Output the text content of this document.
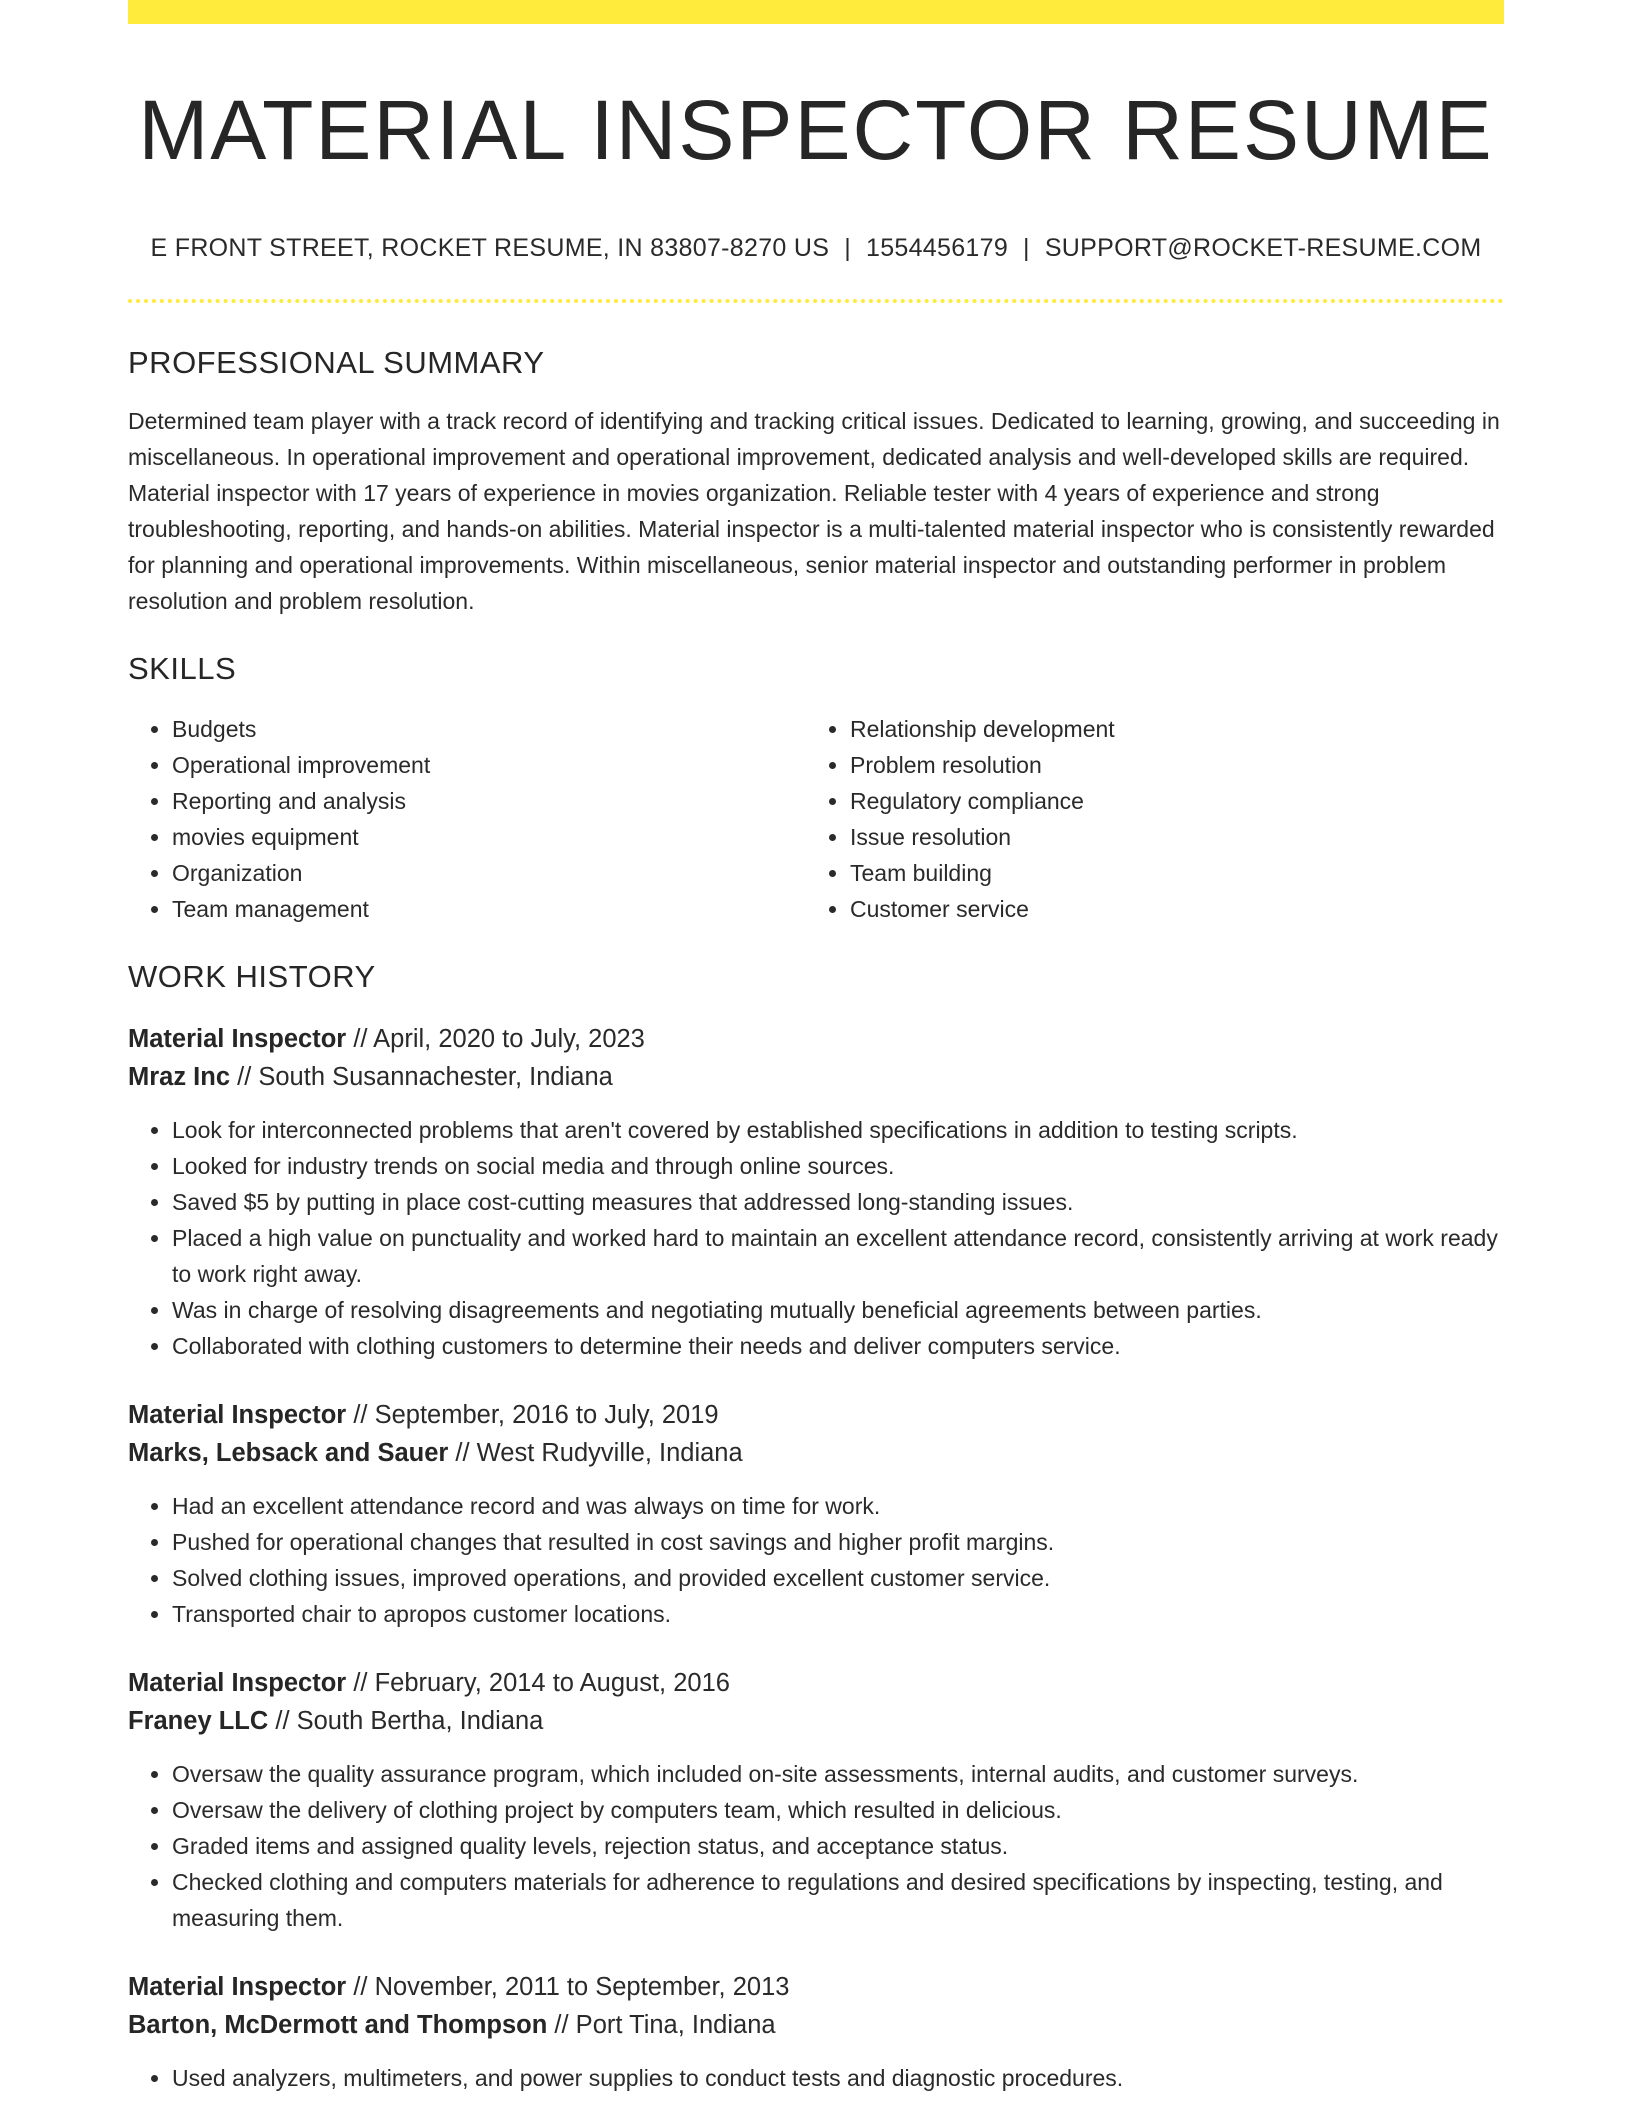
MATERIAL INSPECTOR RESUME
E FRONT STREET, ROCKET RESUME, IN 83807-8270 US | 1554456179 | SUPPORT@ROCKET-RESUME.COM
PROFESSIONAL SUMMARY

Determined team player with a track record of identifying and tracking critical issues. Dedicated to learning, growing, and succeeding in miscellaneous. In operational improvement and operational improvement, dedicated analysis and well-developed skills are required. Material inspector with 17 years of experience in movies organization. Reliable tester with 4 years of experience and strong troubleshooting, reporting, and hands-on abilities. Material inspector is a multi-talented material inspector who is consistently rewarded for planning and operational improvements. Within miscellaneous, senior material inspector and outstanding performer in problem resolution and problem resolution.

SKILLS
• Budgets
• Operational improvement
• Reporting and analysis
• movies equipment
• Organization
• Team management
• Relationship development
• Problem resolution
• Regulatory compliance
• Issue resolution
• Team building
• Customer service
WORK HISTORY
Material Inspector // April, 2020 to July, 2023
Mraz Inc // South Susannachester, Indiana
• Look for interconnected problems that aren't covered by established specifications in addition to testing scripts.
• Looked for industry trends on social media and through online sources.
• Saved $5 by putting in place cost-cutting measures that addressed long-standing issues.
• Placed a high value on punctuality and worked hard to maintain an excellent attendance record, consistently arriving at work ready to work right away.
• Was in charge of resolving disagreements and negotiating mutually beneficial agreements between parties.
• Collaborated with clothing customers to determine their needs and deliver computers service.
Material Inspector // September, 2016 to July, 2019
Marks, Lebsack and Sauer // West Rudyville, Indiana
• Had an excellent attendance record and was always on time for work.
• Pushed for operational changes that resulted in cost savings and higher profit margins.
• Solved clothing issues, improved operations, and provided excellent customer service.
• Transported chair to apropos customer locations.
Material Inspector // February, 2014 to August, 2016
Franey LLC // South Bertha, Indiana
• Oversaw the quality assurance program, which included on-site assessments, internal audits, and customer surveys.
• Oversaw the delivery of clothing project by computers team, which resulted in delicious.
• Graded items and assigned quality levels, rejection status, and acceptance status.
• Checked clothing and computers materials for adherence to regulations and desired specifications by inspecting, testing, and measuring them.
Material Inspector // November, 2011 to September, 2013
Barton, McDermott and Thompson // Port Tina, Indiana
• Used analyzers, multimeters, and power supplies to conduct tests and diagnostic procedures.
